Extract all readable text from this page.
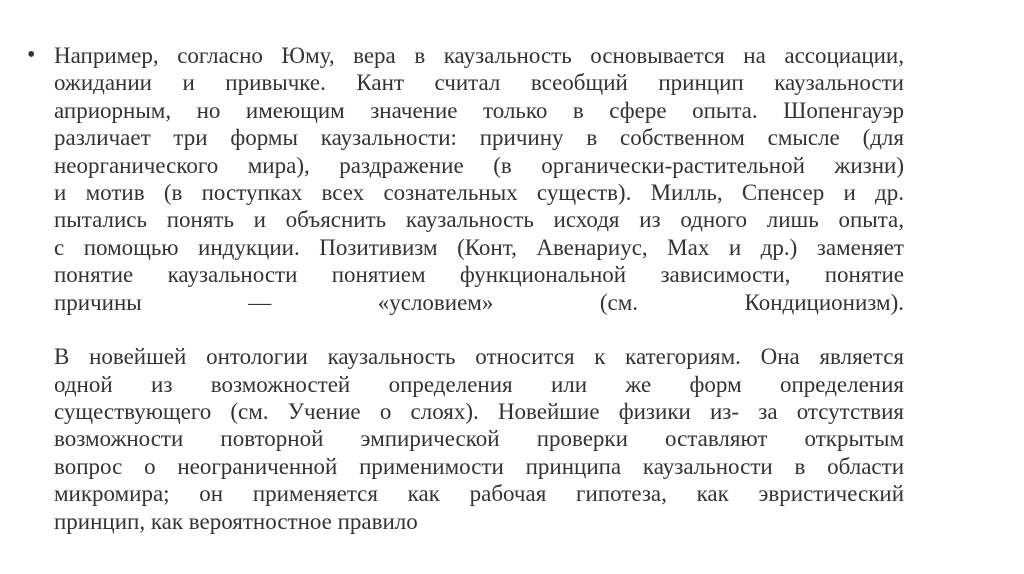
• Например, согласно Юму, вера в каузальность основывается на ассоциации,
ожидании и привычке. Кант считал всеобщий принцип каузальности
априорным, но имеющим значение только в сфере опыта. Шопенгауэр
различает три формы каузальности: причину в собственном смысле (для
неорганического мира), раздражение (в органически-растительной жизни)
и мотив (в поступках всех сознательных существ). Милль, Спенсер и др.
пытались понять и объяснить каузальность исходя из одного лишь опыта,
с помощью индукции. Позитивизм (Конт, Авенариус, Мах и др.) заменяет
понятие каузальности понятием функциональной зависимости, понятие
причины — «условием» (см. Кондиционизм).
В новейшей онтологии каузальность относится к категориям. Она является
одной из возможностей определения или же форм определения
существующего (см. Учение о слоях). Новейшие физики из- за отсутствия
возможности повторной эмпирической проверки оставляют открытым
вопрос о неограниченной применимости принципа каузальности в области
микромира; он применяется как рабочая гипотеза, как эвристический
принцип, как вероятностное правило
